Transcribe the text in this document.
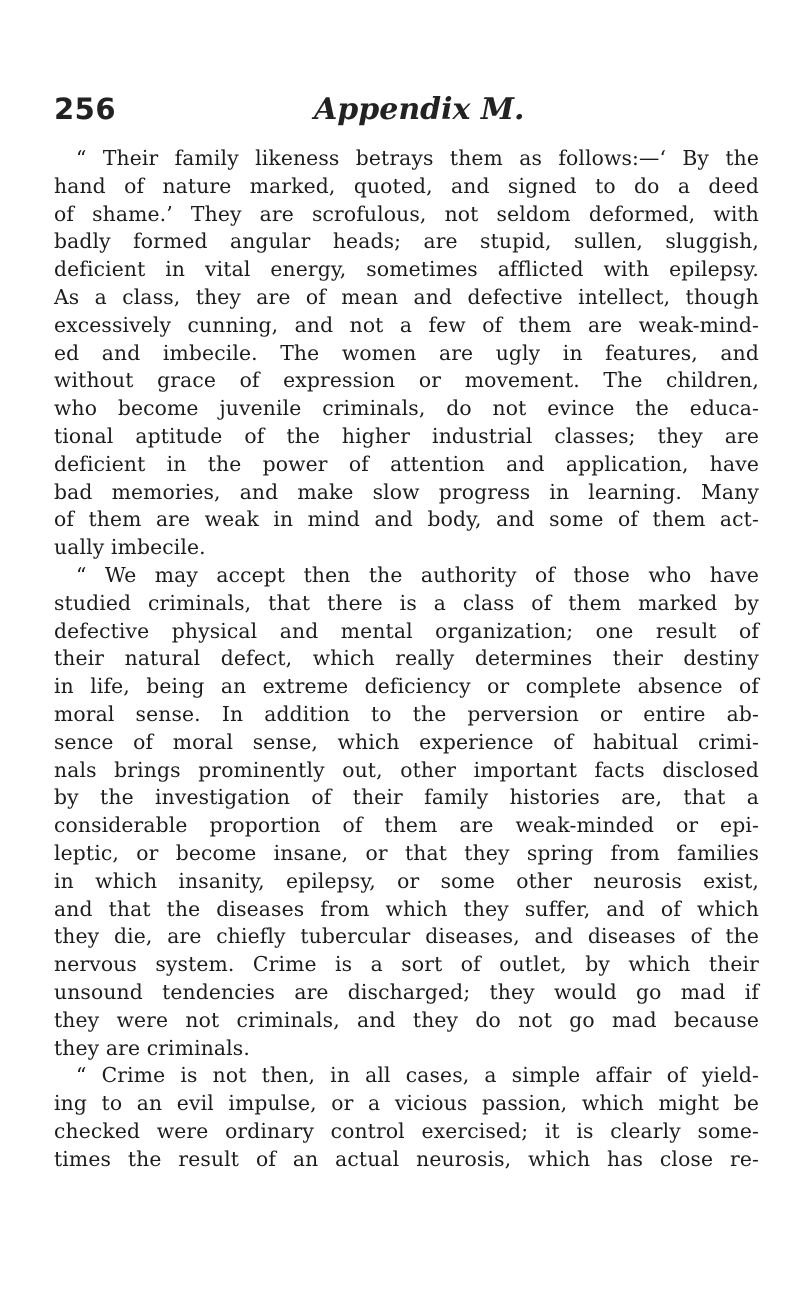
256	Appendix M.
“ Their family likeness betrays them as follows:—‘ By the
hand of nature marked, quoted, and signed to do a deed
of shame.’ They are scrofulous, not seldom deformed, with
badly formed angular heads; are stupid, sullen, sluggish,
deficient in vital energy, sometimes afflicted with epilepsy.
As a class, they are of mean and defective intellect, though
excessively cunning, and not a few of them are weak-mind-
ed and imbecile. The women are ugly in features, and
without grace of expression or movement. The children,
who become juvenile criminals, do not evince the educa-
tional aptitude of the higher industrial classes; they are
deficient in the power of attention and application, have
bad memories, and make slow progress in learning. Many
of them are weak in mind and body, and some of them act-
ually imbecile.
“ We may accept then the authority of those who have
studied criminals, that there is a class of them marked by
defective physical and mental organization; one result of
their natural defect, which really determines their destiny
in life, being an extreme deficiency or complete absence of
moral sense. In addition to the perversion or entire ab-
sence of moral sense, which experience of habitual crimi-
nals brings prominently out, other important facts disclosed
by the investigation of their family histories are, that a
considerable proportion of them are weak-minded or epi-
leptic, or become insane, or that they spring from families
in which insanity, epilepsy, or some other neurosis exist,
and that the diseases from which they suffer, and of which
they die, are chiefly tubercular diseases, and diseases of the
nervous system. Crime is a sort of outlet, by which their
unsound tendencies are discharged; they would go mad if
they were not criminals, and they do not go mad because
they are criminals.
“ Crime is not then, in all cases, a simple affair of yield-
ing to an evil impulse, or a vicious passion, which might be
checked were ordinary control exercised; it is clearly some-
times the result of an actual neurosis, which has close re-
